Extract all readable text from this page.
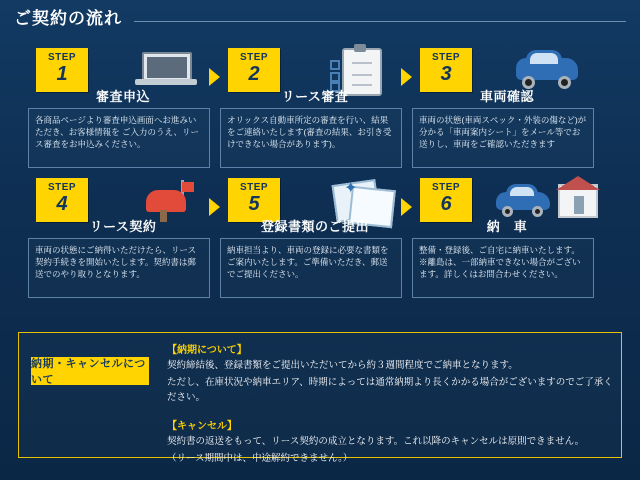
ご契約の流れ
STEP
1
審査申込
各商品ページより審査申込画面へお進みいただき、お客様情報を ご入力のうえ、リース審査をお申込みください。
STEP
2
リース審査
オリックス自動車所定の審査を行い、結果をご連絡いたします(審査の結果、お引き受けできない場合があります)。
STEP
3
車両確認
車両の状態(車両スペック・外装の傷など)が分かる「車両案内シート」をメール等でお送りし、車両をご確認いただきます
STEP
4
リース契約
車両の状態にご納得いただけたら、リース契約手続きを開始いたします。契約書は郵送でのやり取りとなります。
STEP
5
✦
登録書類のご提出
納車担当より、車両の登録に必要な書類をご案内いたします。ご準備いただき、郵送でご提出ください。
STEP
6
納　車
整備・登録後、ご自宅に納車いたします。※離島は、一部納車できない場合がございます。詳しくはお問合わせください。
納期・キャンセルについて
【納期について】
契約締結後、登録書類をご提出いただいてから約３週間程度でご納車となります。
ただし、在庫状況や納車エリア、時期によっては通常納期より長くかかる場合がございますのでご了承ください。
【キャンセル】
契約書の返送をもって、リース契約の成立となります。これ以降のキャンセルは原則できません。
（リース期間中は、中途解約できません。）
